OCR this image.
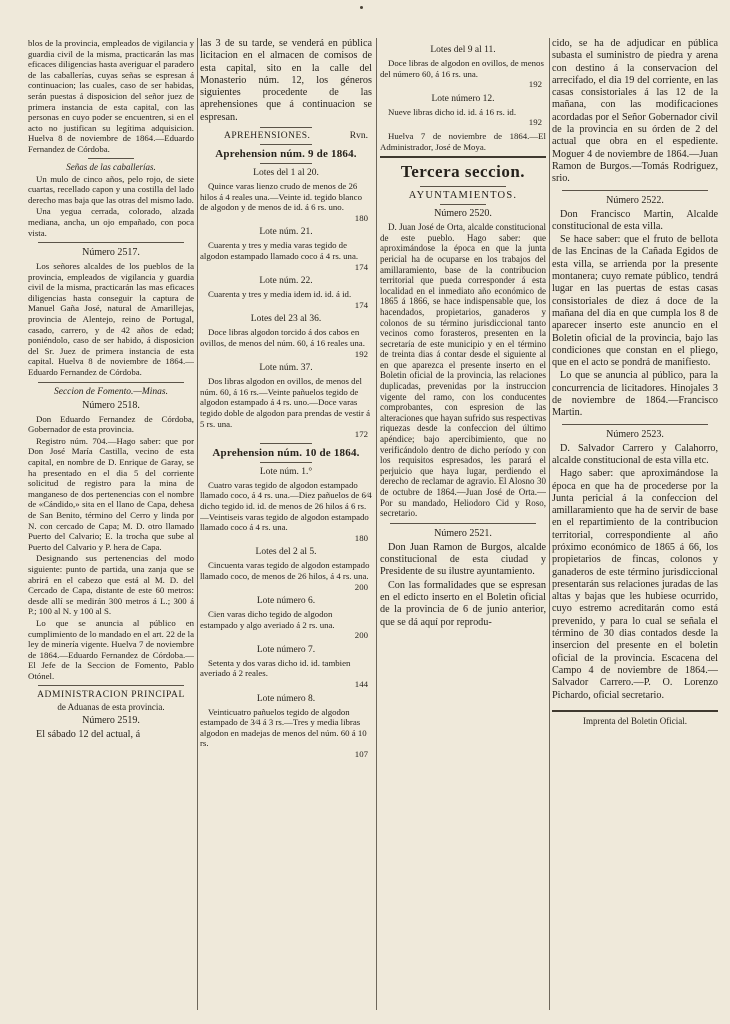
blos de la provincia, empleados de vigilancia y guardia civil de la misma, practicarán las mas eficaces diligencias hasta averiguar el paradero de las caballerías, cuyas señas se espresan á continuacion; las cuales, caso de ser habidas, serán puestas á disposicion del señor juez de primera instancia de esta capital, con las personas en cuyo poder se encuentren, si en el acto no justifican su legítima adquisicion. Huelva 8 de noviembre de 1864.—Eduardo Fernandez de Córdoba.

Señas de las caballerías.

Un mulo de cinco años, pelo rojo, de siete cuartas, recellado capon y una costilla del lado derecho mas baja que las otras del mismo lado.

Una yegua cerrada, colorado, alzada mediana, ancha, un ojo empañado, con poca vista.

Número 2517.

Los señores alcaldes de los pueblos de la provincia, empleados de vigilancia y guardia civil de la misma, practicarán las mas eficaces diligencias hasta conseguir la captura de Manuel Gaña José, natural de Amarillejas, provincia de Alentejo, reino de Portugal, casado, carrero, y de 42 años de edad; poniéndolo, caso de ser habido, á disposicion del Sr. Juez de primera instancia de esta capital. Huelva 8 de noviembre de 1864.—Eduardo Fernandez de Córdoba.

Seccion de Fomento.—Minas.
Número 2518.

Don Eduardo Fernandez de Córdoba, Gobernador de esta provincia.

Registro núm. 704.—Hago saber: que por Don José María Castilla, vecino de esta capital, en nombre de D. Enrique de Garay, se ha presentado en el dia 5 del corriente solicitud de registro para la mina de manganeso de dos pertenencias con el nombre de «Cándido,» sita en el llano de Capa, dehesa de San Benito, término del Cerro y linda por N. con cercado de Capa; M. D. otro llamado Puerto del Calvario; E. la trocha que sube al Puerto del Calvario y P. hera de Capa.

Designando sus pertenencias del modo siguiente: punto de partida, una zanja que se abrirá en el cabezo que está al M. D. del Cercado de Capa, distante de este 60 metros: desde allí se medirán 300 metros á L.; 300 á P.; 100 al N. y 100 al S.

Lo que se anuncia al público en cumplimiento de lo mandado en el art. 22 de la ley de minería vigente. Huelva 7 de noviembre de 1864.—Eduardo Fernandez de Córdoba.—El Jefe de la Seccion de Fomento, Pablo Otónel.

ADMINISTRACION PRINCIPAL
de Aduanas de esta provincia.
Número 2519.

El sábado 12 del actual, á

las 3 de su tarde, se venderá en pública licitacion en el almacen de comisos de esta capital, sito en la calle del Monasterio núm. 12, los géneros siguientes procedente de las aprehensiones que á continuacion se espresan.

APREHENSIONES.	Rvn.
Aprehension núm. 9 de 1864.
Lotes del 1 al 20.
Quince varas lienzo crudo de menos de 26 hilos á 4 reales una.—Veinte id. tegido blanco de algodon y de menos de id. á 6 rs. uno.
180
Lote núm. 21.
Cuarenta y tres y media varas tegido de algodon estampado llamado coco á 4 rs. una.
174
Lote núm. 22.
Cuarenta y tres y media idem id. id. á id.
174
Lotes del 23 al 36.
Doce libras algodon torcido á dos cabos en ovillos, de menos del núm. 60, á 16 reales una.
192
Lote núm. 37.
Dos libras algodon en ovillos, de menos del núm. 60, á 16 rs.—Veinte pañuelos tegido de algodon estampado á 4 rs. uno.—Doce varas tegido doble de algodon para prendas de vestir á 5 rs. una.
172
Aprehension núm. 10 de 1864.
Lote núm. 1.°
Cuatro varas tegido de algodon estampado llamado coco, á 4 rs. una.—Diez pañuelos de 6⁄4 dicho tegido id. id. de menos de 26 hilos á 6 rs.—Veintiseis varas tegido de algodon estampado llamado coco á 4 rs. una.
180
Lotes del 2 al 5.
Cincuenta varas tegido de algodon estampado llamado coco, de menos de 26 hilos, á 4 rs. una.
200
Lote número 6.
Cien varas dicho tegido de algodon estampado y algo averiado á 2 rs. una.
200
Lote número 7.
Setenta y dos varas dicho id. id. tambien averiado á 2 reales.
144
Lote número 8.
Veinticuatro pañuelos tegido de algodon estampado de 3⁄4 á 3 rs.—Tres y media libras algodon en madejas de menos del núm. 60 á 10 rs.
107
Lotes del 9 al 11.
Doce libras de algodon en ovillos, de menos del número 60, á 16 rs. una.
192
Lote número 12.
Nueve libras dicho id. id. á 16 rs. id.
192

Huelva 7 de noviembre de 1864.—El Administrador, José de Moya.

Tercera seccion.
AYUNTAMIENTOS.
Número 2520.

D. Juan José de Orta, alcalde constitucional de este pueblo. Hago saber: que aproximándose la época en que la junta pericial ha de ocuparse en los trabajos del amillaramiento, base de la contribucion territorial que pueda corresponder á esta localidad en el inmediato año económico de 1865 á 1866, se hace indispensable que, los hacendados, propietarios, ganaderos y colonos de su término jurisdiccional tanto vecinos como forasteros, presenten en la secretaría de este municipio y en el término de treinta dias á contar desde el siguiente al en que aparezca el presente inserto en el Boletin oficial de la provincia, las relaciones duplicadas, prevenidas por la instruccion vigente del ramo, con los conducentes comprobantes, con espresion de las alteraciones que hayan sufrido sus respectivas riquezas desde la confeccion del último apéndice; bajo apercibimiento, que no verificándolo dentro de dicho período y con los requisitos espresados, les parará el perjuicio que haya lugar, perdiendo el derecho de reclamar de agravio. El Alosno 30 de octubre de 1864.—Juan José de Orta.—Por su mandado, Heliodoro Cid y Roso, secretario.

Número 2521.

Don Juan Ramon de Burgos, alcalde constitucional de esta ciudad y Presidente de su ilustre ayuntamiento.

Con las formalidades que se espresan en el edicto inserto en el Boletin oficial de la provincia de 6 de junio anterior, que se dá aquí por reprodu-

cido, se ha de adjudicar en pública subasta el suministro de piedra y arena con destino á la conservacion del arrecifado, el dia 19 del corriente, en las casas consistoriales á las 12 de la mañana, con las modificaciones acordadas por el Señor Gobernador civil de la provincia en su órden de 2 del actual que obra en el espediente. Moguer 4 de noviembre de 1864.—Juan Ramon de Burgos.—Tomás Rodriguez, srio.

Número 2522.

Don Francisco Martin, Alcalde constitucional de esta villa.

Se hace saber: que el fruto de bellota de las Encinas de la Cañada Egidos de esta villa, se arrienda por la presente montanera; cuyo remate público, tendrá lugar en las puertas de estas casas consistoriales de diez á doce de la mañana del dia en que cumpla los 8 de aparecer inserto este anuncio en el Boletin oficial de la provincia, bajo las condiciones que constan en el pliego, que en el acto se pondrá de manifiesto.

Lo que se anuncia al público, para la concurrencia de licitadores. Hinojales 3 de noviembre de 1864.—Francisco Martin.

Número 2523.

D. Salvador Carrero y Calahorro, alcalde constitucional de esta villa etc.

Hago saber: que aproximándose la época en que ha de procederse por la Junta pericial á la confeccion del amillaramiento que ha de servir de base en el repartimiento de la contribucion territorial, correspondiente al año próximo económico de 1865 á 66, los propietarios de fincas, colonos y ganaderos de este término jurisdiccional presentarán sus relaciones juradas de las altas y bajas que les hubiese ocurrido, cuyo estremo acreditarán como está prevenido, y para lo cual se señala el término de 30 dias contados desde la insercion del presente en el boletin oficial de la provincia. Escacena del Campo 4 de noviembre de 1864.—Salvador Carrero.—P. O. Lorenzo Pichardo, oficial secretario.

Imprenta del Boletin Oficial.
